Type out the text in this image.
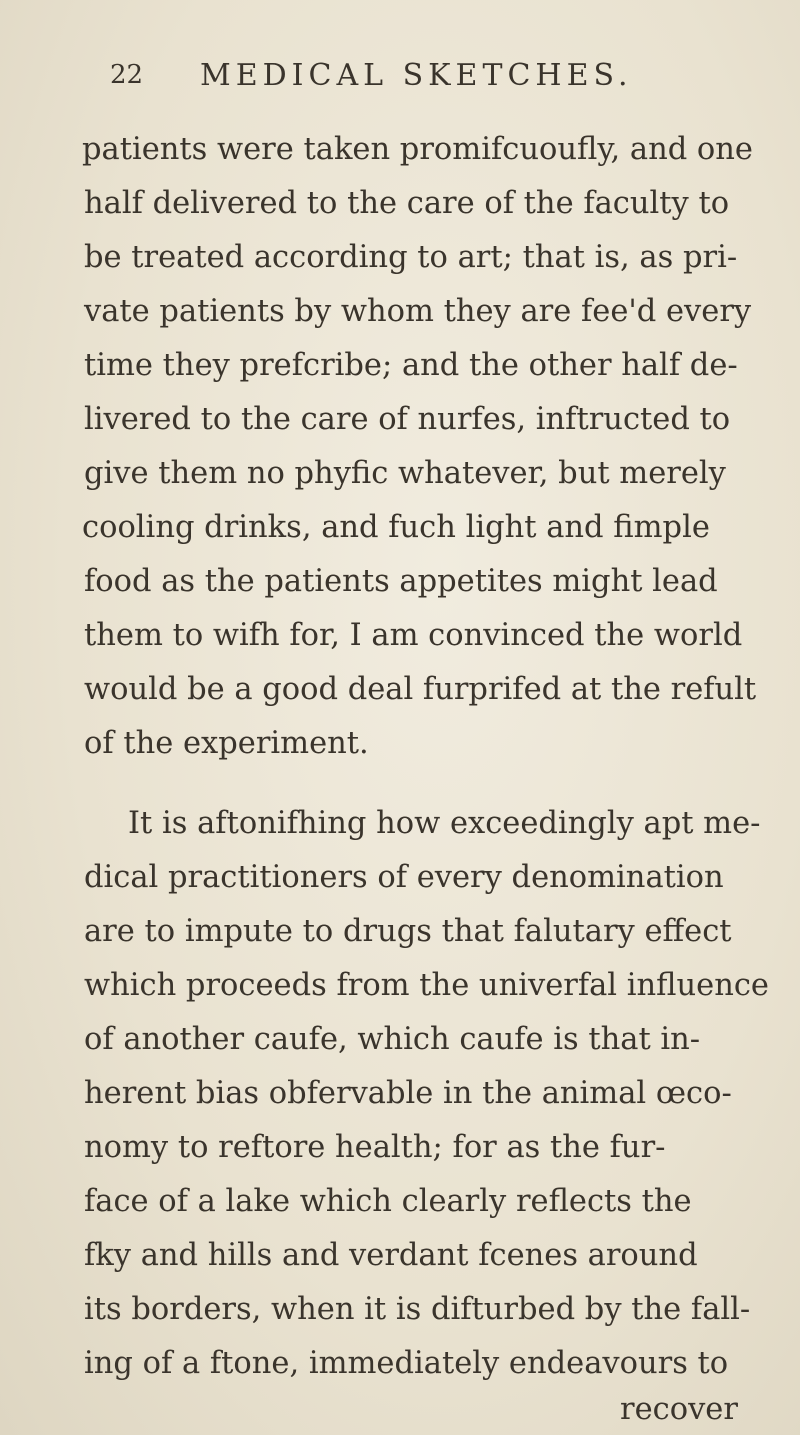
22 MEDICAL SKETCHES.
patients were taken promifcuoufly, and one
half delivered to the care of the faculty to
be treated according to art; that is, as pri-
vate patients by whom they are fee'd every
time they prefcribe; and the other half de-
livered to the care of nurfes, inftructed to
give them no phyfic whatever, but merely
cooling drinks, and fuch light and fimple
food as the patients appetites might lead
them to wifh for, I am convinced the world
would be a good deal furprifed at the refult
of the experiment.
It is aftonifhing how exceedingly apt me-
dical practitioners of every denomination
are to impute to drugs that falutary effect
which proceeds from the univerfal influence
of another caufe, which caufe is that in-
herent bias obfervable in the animal œco-
nomy to reftore health; for as the fur-
face of a lake which clearly reflects the
fky and hills and verdant fcenes around
its borders, when it is difturbed by the fall-
ing of a ftone, immediately endeavours to
recover
